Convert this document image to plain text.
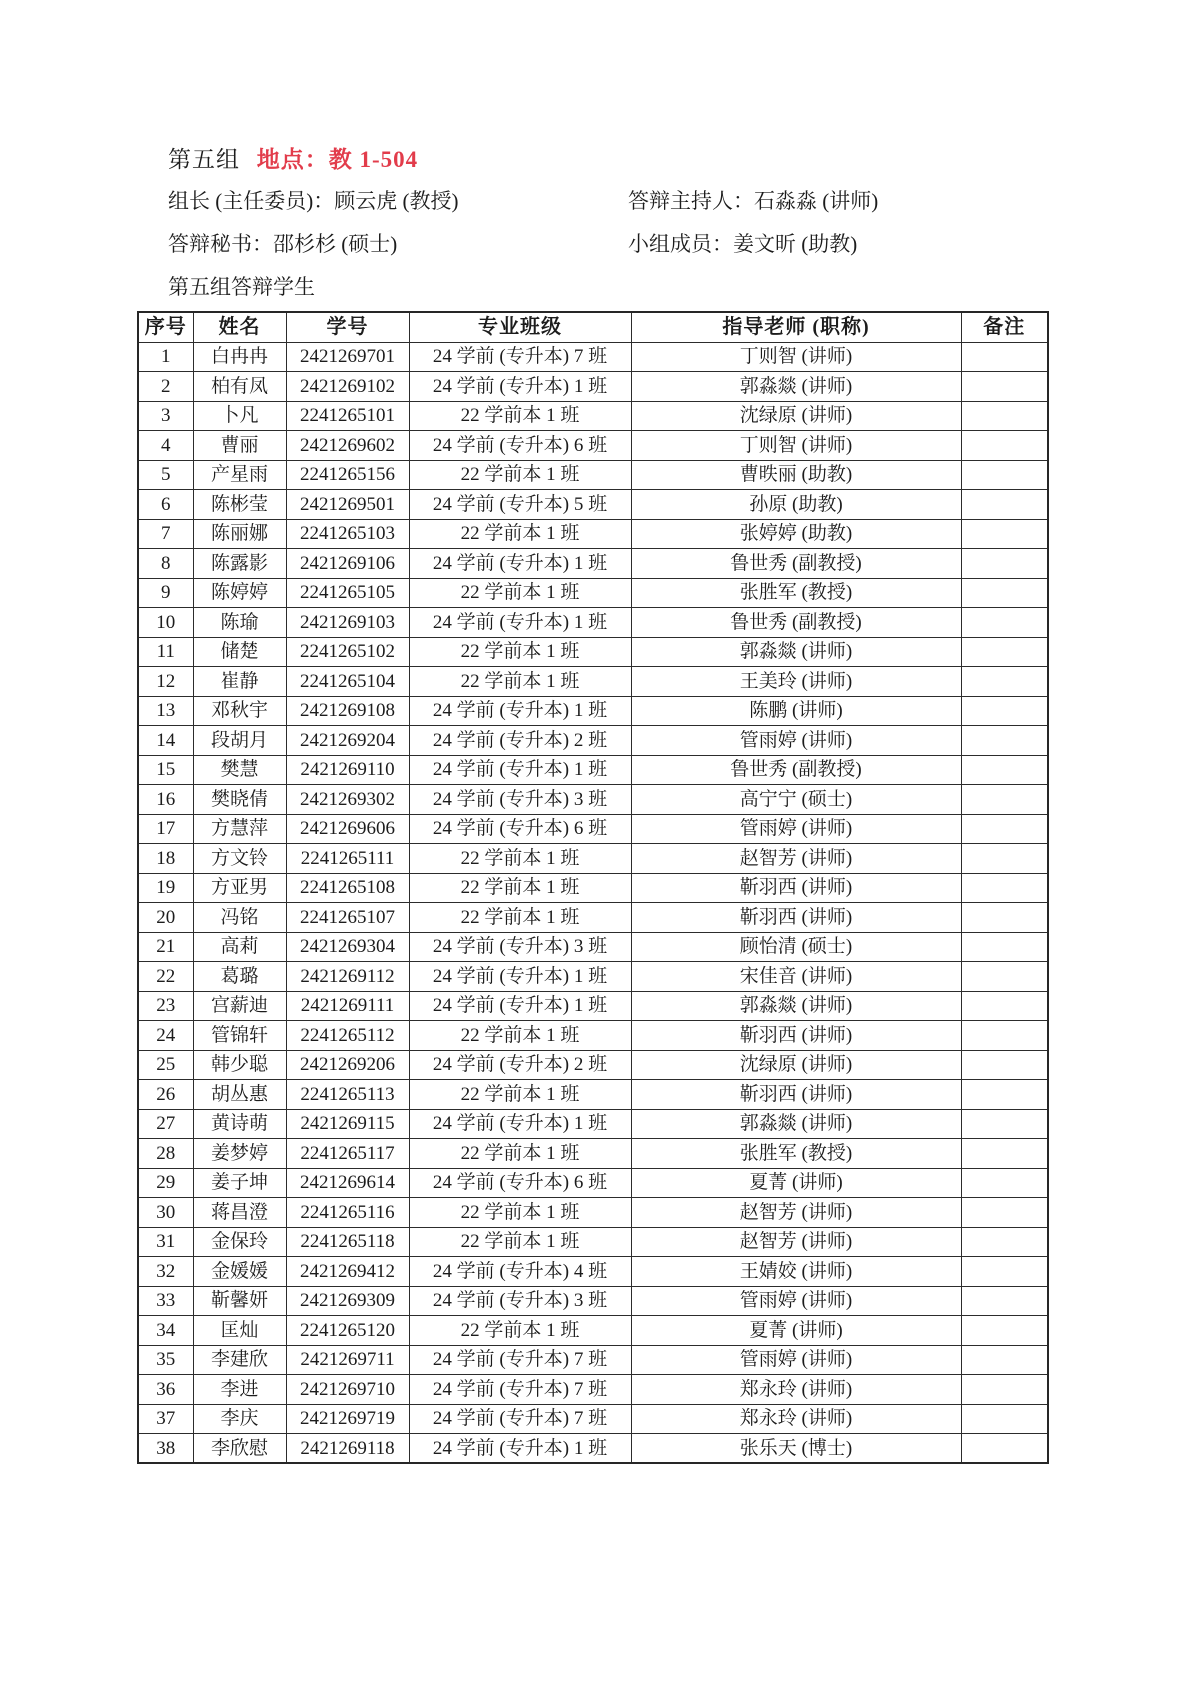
第五组 地点：教 1-504
组长 (主任委员)：顾云虎 (教授)	答辩主持人：石淼淼 (讲师)
答辩秘书：邵杉杉 (硕士)	小组成员：姜文昕 (助教)
第五组答辩学生
序号	姓名	学号	专业班级	指导老师 (职称)	备注
1	白冉冉	2421269701	24 学前 (专升本) 7 班	丁则智 (讲师)	
2	柏有凤	2421269102	24 学前 (专升本) 1 班	郭淼燚 (讲师)	
3	卜凡	2241265101	22 学前本 1 班	沈绿原 (讲师)	
4	曹丽	2421269602	24 学前 (专升本) 6 班	丁则智 (讲师)	
5	产星雨	2241265156	22 学前本 1 班	曹昳丽 (助教)	
6	陈彬莹	2421269501	24 学前 (专升本) 5 班	孙原 (助教)	
7	陈丽娜	2241265103	22 学前本 1 班	张婷婷 (助教)	
8	陈露影	2421269106	24 学前 (专升本) 1 班	鲁世秀 (副教授)	
9	陈婷婷	2241265105	22 学前本 1 班	张胜军 (教授)	
10	陈瑜	2421269103	24 学前 (专升本) 1 班	鲁世秀 (副教授)	
11	储楚	2241265102	22 学前本 1 班	郭淼燚 (讲师)	
12	崔静	2241265104	22 学前本 1 班	王美玲 (讲师)	
13	邓秋宇	2421269108	24 学前 (专升本) 1 班	陈鹏 (讲师)	
14	段胡月	2421269204	24 学前 (专升本) 2 班	管雨婷 (讲师)	
15	樊慧	2421269110	24 学前 (专升本) 1 班	鲁世秀 (副教授)	
16	樊晓倩	2421269302	24 学前 (专升本) 3 班	高宁宁 (硕士)	
17	方慧萍	2421269606	24 学前 (专升本) 6 班	管雨婷 (讲师)	
18	方文铃	2241265111	22 学前本 1 班	赵智芳 (讲师)	
19	方亚男	2241265108	22 学前本 1 班	靳羽西 (讲师)	
20	冯铭	2241265107	22 学前本 1 班	靳羽西 (讲师)	
21	高莉	2421269304	24 学前 (专升本) 3 班	顾怡清 (硕士)	
22	葛璐	2421269112	24 学前 (专升本) 1 班	宋佳音 (讲师)	
23	宫薪迪	2421269111	24 学前 (专升本) 1 班	郭淼燚 (讲师)	
24	管锦轩	2241265112	22 学前本 1 班	靳羽西 (讲师)	
25	韩少聪	2421269206	24 学前 (专升本) 2 班	沈绿原 (讲师)	
26	胡丛惠	2241265113	22 学前本 1 班	靳羽西 (讲师)	
27	黄诗萌	2421269115	24 学前 (专升本) 1 班	郭淼燚 (讲师)	
28	姜梦婷	2241265117	22 学前本 1 班	张胜军 (教授)	
29	姜子坤	2421269614	24 学前 (专升本) 6 班	夏菁 (讲师)	
30	蒋昌澄	2241265116	22 学前本 1 班	赵智芳 (讲师)	
31	金保玲	2241265118	22 学前本 1 班	赵智芳 (讲师)	
32	金媛媛	2421269412	24 学前 (专升本) 4 班	王婧姣 (讲师)	
33	靳馨妍	2421269309	24 学前 (专升本) 3 班	管雨婷 (讲师)	
34	匡灿	2241265120	22 学前本 1 班	夏菁 (讲师)	
35	李建欣	2421269711	24 学前 (专升本) 7 班	管雨婷 (讲师)	
36	李进	2421269710	24 学前 (专升本) 7 班	郑永玲 (讲师)	
37	李庆	2421269719	24 学前 (专升本) 7 班	郑永玲 (讲师)	
38	李欣慰	2421269118	24 学前 (专升本) 1 班	张乐天 (博士)	
